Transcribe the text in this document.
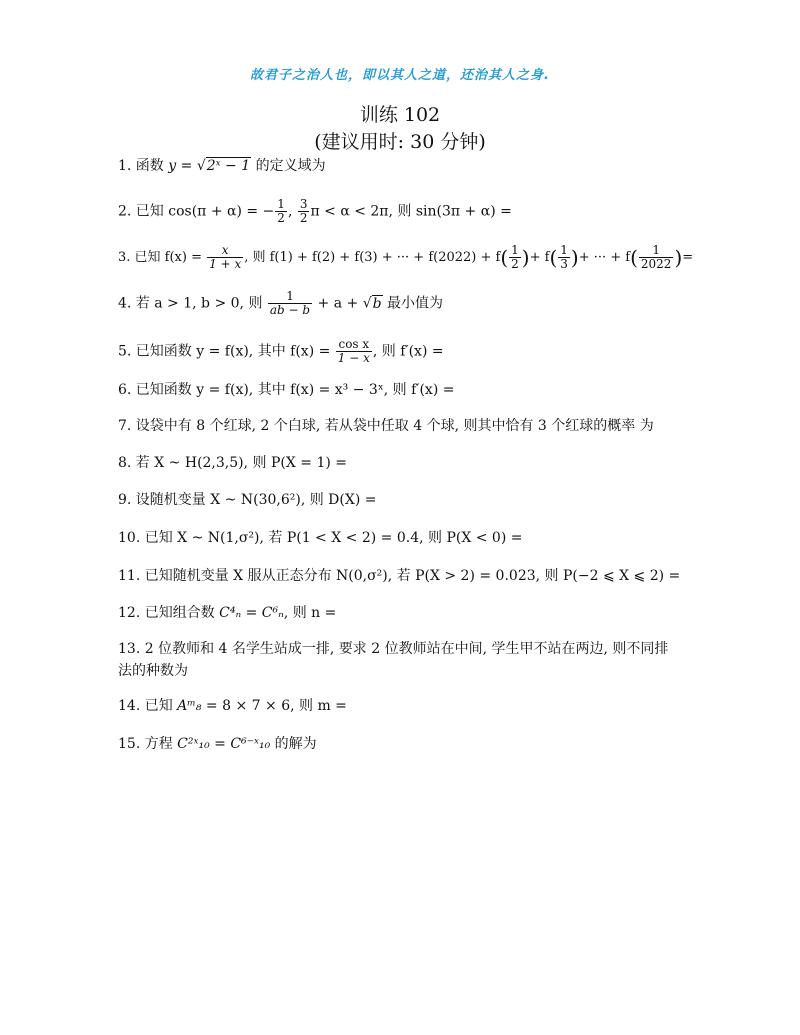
故君子之治人也，即以其人之道，还治其人之身.
训练 102
(建议用时: 30 分钟)
1. 函数 y = √2ˣ − 1 的定义域为
2. 已知 cos(π + α) = − $\frac{1}{2}$ , $\frac{3}{2}$ π < α < 2π, 则 sin(3π + α) =
3. 已知 $f(x) = \frac{x}{1 + x}$ , 则 f(1) + f(2) + f(3) + ··· + $f(2022) + f( \frac{1}{2}$ )+ $f( \frac{1}{3}$ )+ ··· + $f( \frac{1}{2022}$ )=
4. 若 a > 1, b > 0, 则 $\frac{1}{ab - b} + a + √b$ 最小值为
5. 已知函数 y = f(x), 其中 $f(x) = \frac{\text{cos x}}{1 - x}$ , 则 f′(x) =
6. 已知函数 y = f(x), 其中 f(x) = x³ − 3ˣ, 则 f′(x) =
7. 设袋中有 8 个红球, 2 个白球, 若从袋中任取 4 个球, 则其中恰有 3 个红球的概率 为
8. 若 X ~ H(2,3,5), 则 P(X = 1) =
9. 设随机变量 X ~ N(30,6²), 则 D(X) =
10. 已知 X ~ N(1,σ²), 若 P(1 < X < 2) = 0.4, 则 P(X < 0) =
11. 已知随机变量 X 服从正态分布 N(0,σ²), 若 P(X > 2) = 0.023, 则 P(−2 ⩽ X ⩽ 2) =
12. 已知组合数 C⁴ₙ = C⁶ₙ, 则 n =
13. 2 位教师和 4 名学生站成一排, 要求 2 位教师站在中间, 学生甲不站在两边, 则不同排法的种数为
14. 已知 Aᵐ₈ = 8 × 7 × 6, 则 m =
15. 方程 C²ˣ₁₀ = C⁶⁻ˣ₁₀ 的解为
